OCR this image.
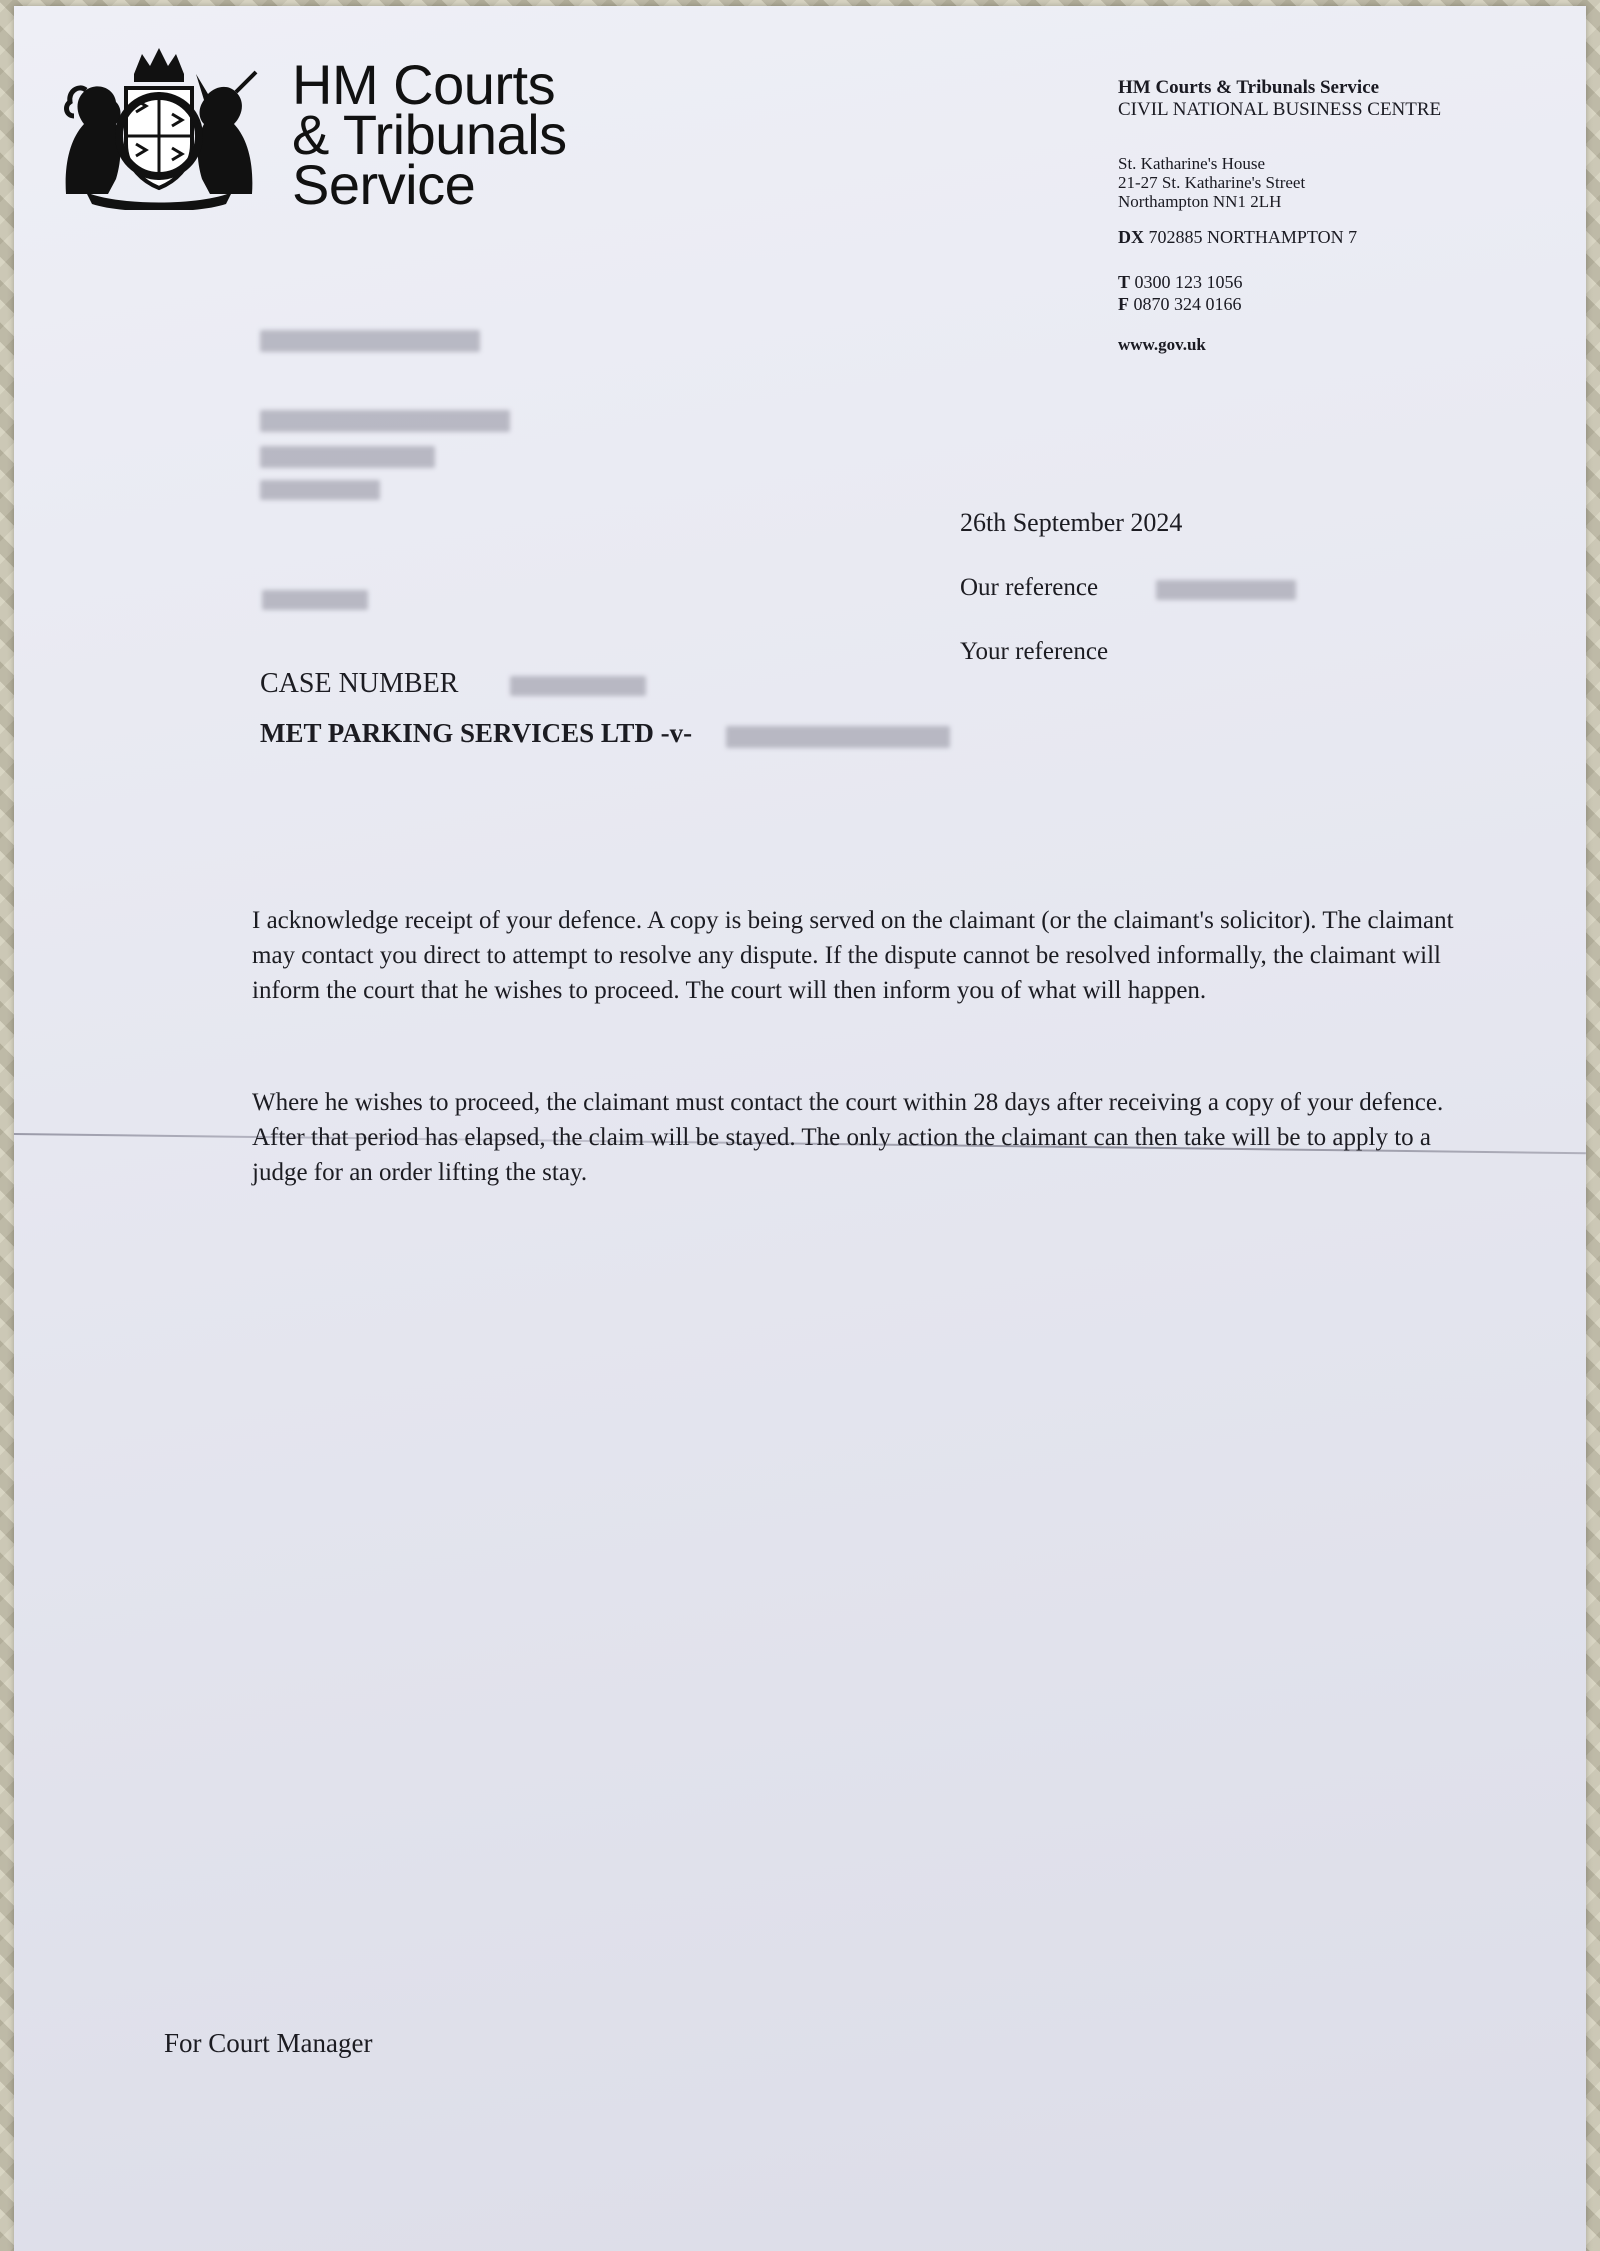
HM Courts
& Tribunals
Service
HM Courts & Tribunals Service
CIVIL NATIONAL BUSINESS CENTRE
St. Katharine's House
21-27 St. Katharine's Street
Northampton NN1 2LH
DX 702885 NORTHAMPTON 7
T 0300 123 1056
F 0870 324 0166
www.gov.uk
26th September 2024
Our reference
Your reference
CASE NUMBER
MET PARKING SERVICES LTD -v-
I acknowledge receipt of your defence. A copy is being served on the claimant (or the claimant's solicitor). The claimant may contact you direct to attempt to resolve any dispute. If the dispute cannot be resolved informally, the claimant will inform the court that he wishes to proceed. The court will then inform you of what will happen.
Where he wishes to proceed, the claimant must contact the court within 28 days after receiving a copy of your defence. After that period has elapsed, the claim will be stayed. The only action the claimant can then take will be to apply to a judge for an order lifting the stay.
For Court Manager
